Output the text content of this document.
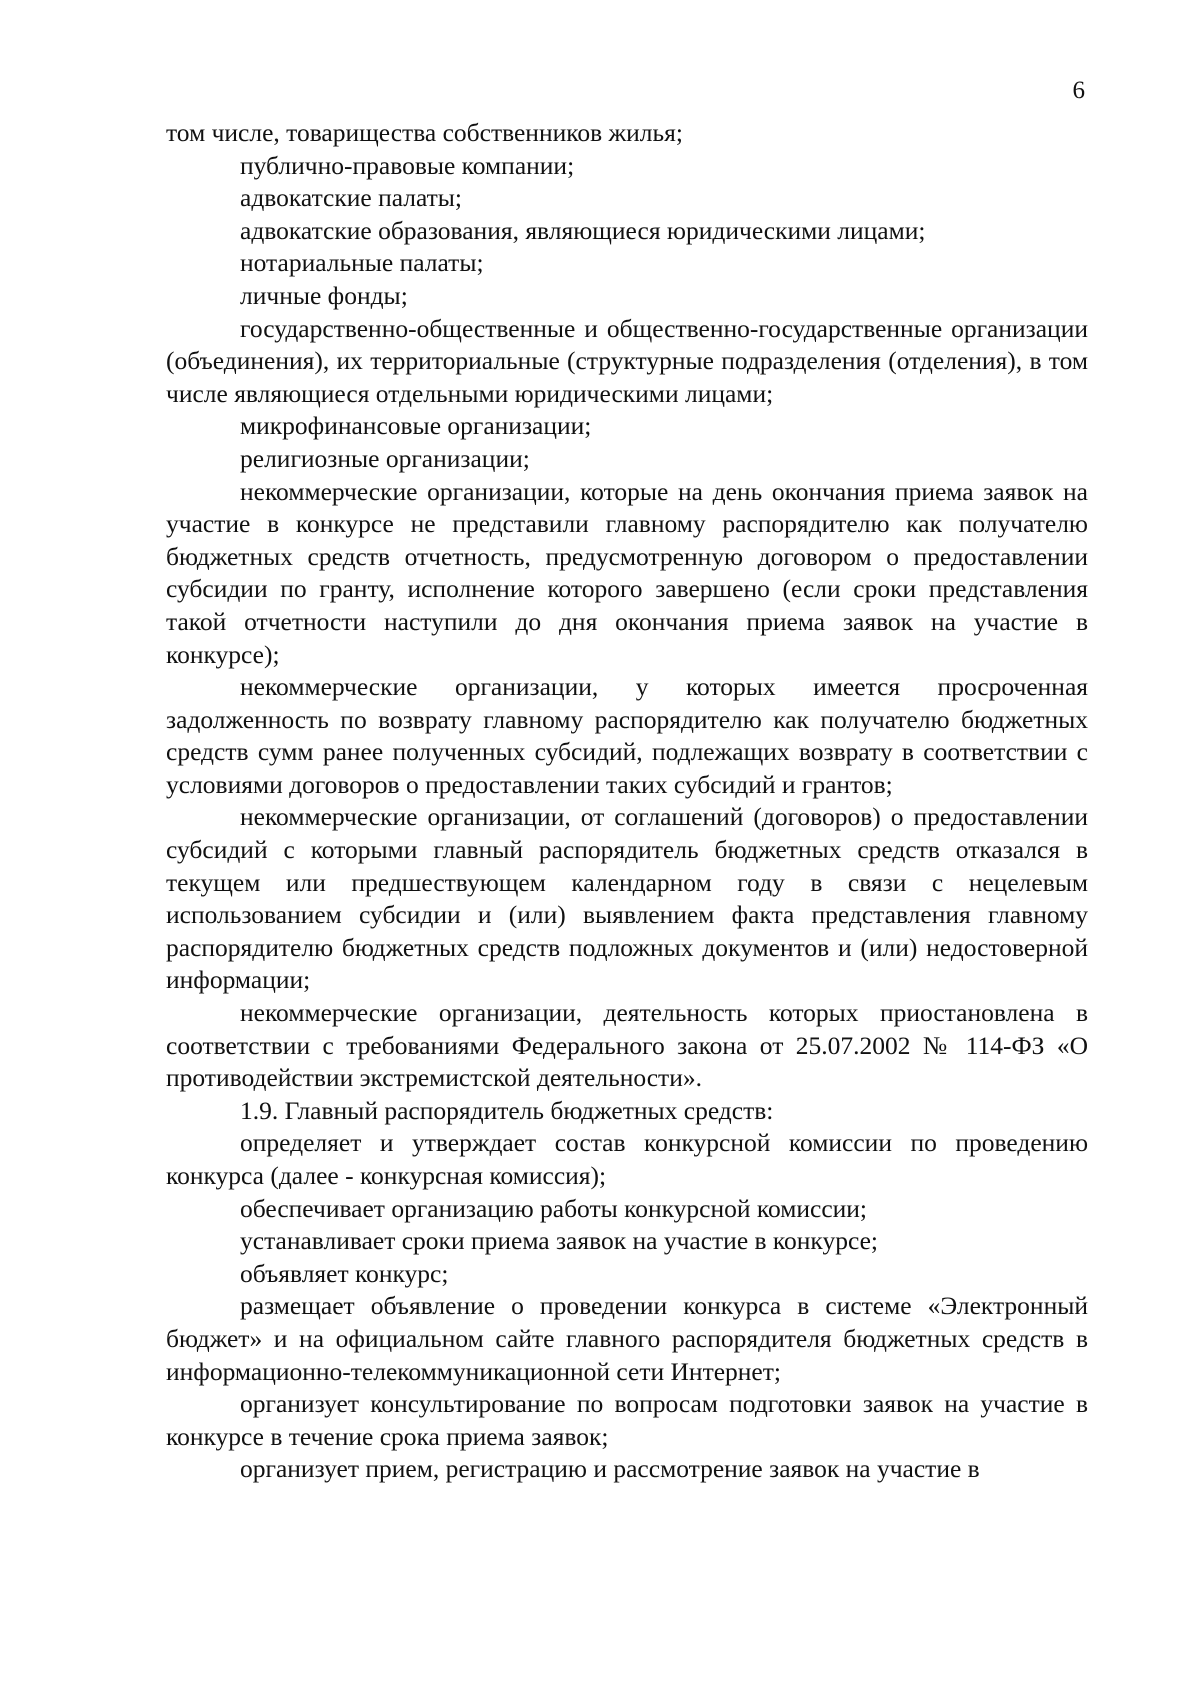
6

том числе, товарищества собственников жилья;

публично-правовые компании;

адвокатские палаты;

адвокатские образования, являющиеся юридическими лицами;

нотариальные палаты;

личные фонды;

государственно-общественные и общественно-государственные организации (объединения), их территориальные (структурные подразделения (отделения), в том числе являющиеся отдельными юридическими лицами;

микрофинансовые организации;

религиозные организации;

некоммерческие организации, которые на день окончания приема заявок на участие в конкурсе не представили главному распорядителю как получателю бюджетных средств отчетность, предусмотренную договором о предоставлении субсидии по гранту, исполнение которого завершено (если сроки представления такой отчетности наступили до дня окончания приема заявок на участие в конкурсе);

некоммерческие организации, у которых имеется просроченная задолженность по возврату главному распорядителю как получателю бюджетных средств сумм ранее полученных субсидий, подлежащих возврату в соответствии с условиями договоров о предоставлении таких субсидий и грантов;

некоммерческие организации, от соглашений (договоров) о предоставлении субсидий с которыми главный распорядитель бюджетных средств отказался в текущем или предшествующем календарном году в связи с нецелевым использованием субсидии и (или) выявлением факта представления главному распорядителю бюджетных средств подложных документов и (или) недостоверной информации;

некоммерческие организации, деятельность которых приостановлена в соответствии с требованиями Федерального закона от 25.07.2002 № 114-ФЗ «О противодействии экстремистской деятельности».

1.9. Главный распорядитель бюджетных средств:

определяет и утверждает состав конкурсной комиссии по проведению конкурса (далее - конкурсная комиссия);

обеспечивает организацию работы конкурсной комиссии;

устанавливает сроки приема заявок на участие в конкурсе;

объявляет конкурс;

размещает объявление о проведении конкурса в системе «Электронный бюджет» и на официальном сайте главного распорядителя бюджетных средств в информационно-телекоммуникационной сети Интернет;

организует консультирование по вопросам подготовки заявок на участие в конкурсе в течение срока приема заявок;

организует прием, регистрацию и рассмотрение заявок на участие в
